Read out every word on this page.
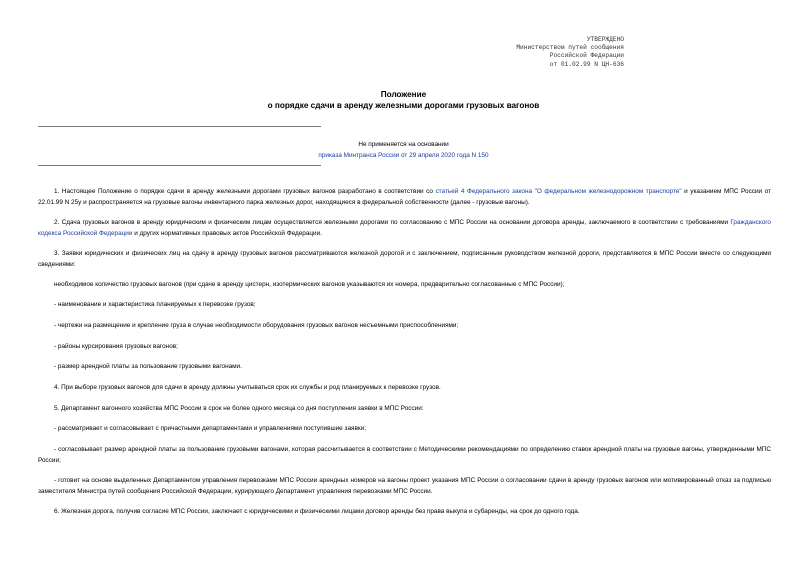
УТВЕРЖДЕНО
Министерством путей сообщения
Российской Федерации
от 01.02.99 N ЦН-636
Положение
о порядке сдачи в аренду железными дорогами грузовых вагонов
Не применяется на основании
приказа Минтранса России от 29 апреля 2020 года N 150
1. Настоящее Положение о порядке сдачи в аренду железными дорогами грузовых вагонов разработано в соответствии со статьей 4 Федерального закона "О федеральном железнодорожном транспорте" и указанием МПС России от 22.01.99 N 25у и распространяется на грузовые вагоны инвентарного парка железных дорог, находящиеся в федеральной собственности (далее - грузовые вагоны).
2. Сдача грузовых вагонов в аренду юридическим и физическим лицам осуществляется железными дорогами по согласованию с МПС России на основании договора аренды, заключаемого в соответствии с требованиями Гражданского кодекса Российской Федерации и других нормативных правовых актов Российской Федерации.
3. Заявки юридических и физических лиц на сдачу в аренду грузовых вагонов рассматриваются железной дорогой и с заключением, подписанным руководством железной дороги, представляются в МПС России вместе со следующими сведениями:
необходимое количество грузовых вагонов (при сдаче в аренду цистерн, изотермических вагонов указываются их номера, предварительно согласованные с МПС России);
- наименование и характеристика планируемых к перевозке грузов;
- чертежи на размещение и крепление груза в случае необходимости оборудования грузовых вагонов несъемными приспособлениями;
- районы курсирования грузовых вагонов;
- размер арендной платы за пользование грузовыми вагонами.
4. При выборе грузовых вагонов для сдачи в аренду должны учитываться срок их службы и род планируемых к перевозке грузов.
5. Департамент вагонного хозяйства МПС России в срок не более одного месяца со дня поступления заявки в МПС России:
- рассматривает и согласовывает с причастными департаментами и управлениями поступившие заявки;
- согласовывает размер арендной платы за пользование грузовыми вагонами, которая рассчитывается в соответствии с Методическими рекомендациями по определению ставок арендной платы на грузовые вагоны, утвержденными МПС России;
- готовит на основе выделенных Департаментом управления перевозками МПС России арендных номеров на вагоны проект указания МПС России о согласовании сдачи в аренду грузовых вагонов или мотивированный отказ за подписью заместителя Министра путей сообщения Российской Федерации, курирующего Департамент управления перевозками МПС России.
6. Железная дорога, получив согласие МПС России, заключает с юридическими и физическими лицами договор аренды без права выкупа и субаренды, на срок до одного года.
